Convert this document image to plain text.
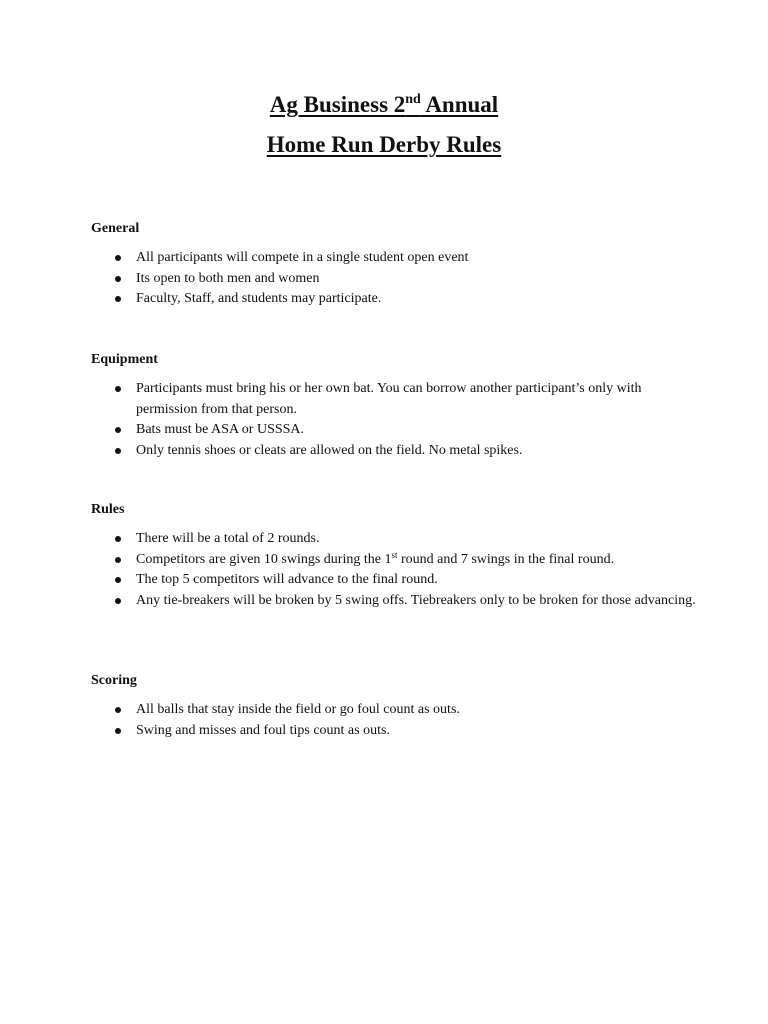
Ag Business 2nd Annual
Home Run Derby Rules
General
All participants will compete in a single student open event
Its open to both men and women
Faculty, Staff, and students may participate.
Equipment
Participants must bring his or her own bat. You can borrow another participant’s only with permission from that person.
Bats must be ASA or USSSA.
Only tennis shoes or cleats are allowed on the field. No metal spikes.
Rules
There will be a total of 2 rounds.
Competitors are given 10 swings during the 1st round and 7 swings in the final round.
The top 5 competitors will advance to the final round.
Any tie-breakers will be broken by 5 swing offs. Tiebreakers only to be broken for those advancing.
Scoring
All balls that stay inside the field or go foul count as outs.
Swing and misses and foul tips count as outs.
